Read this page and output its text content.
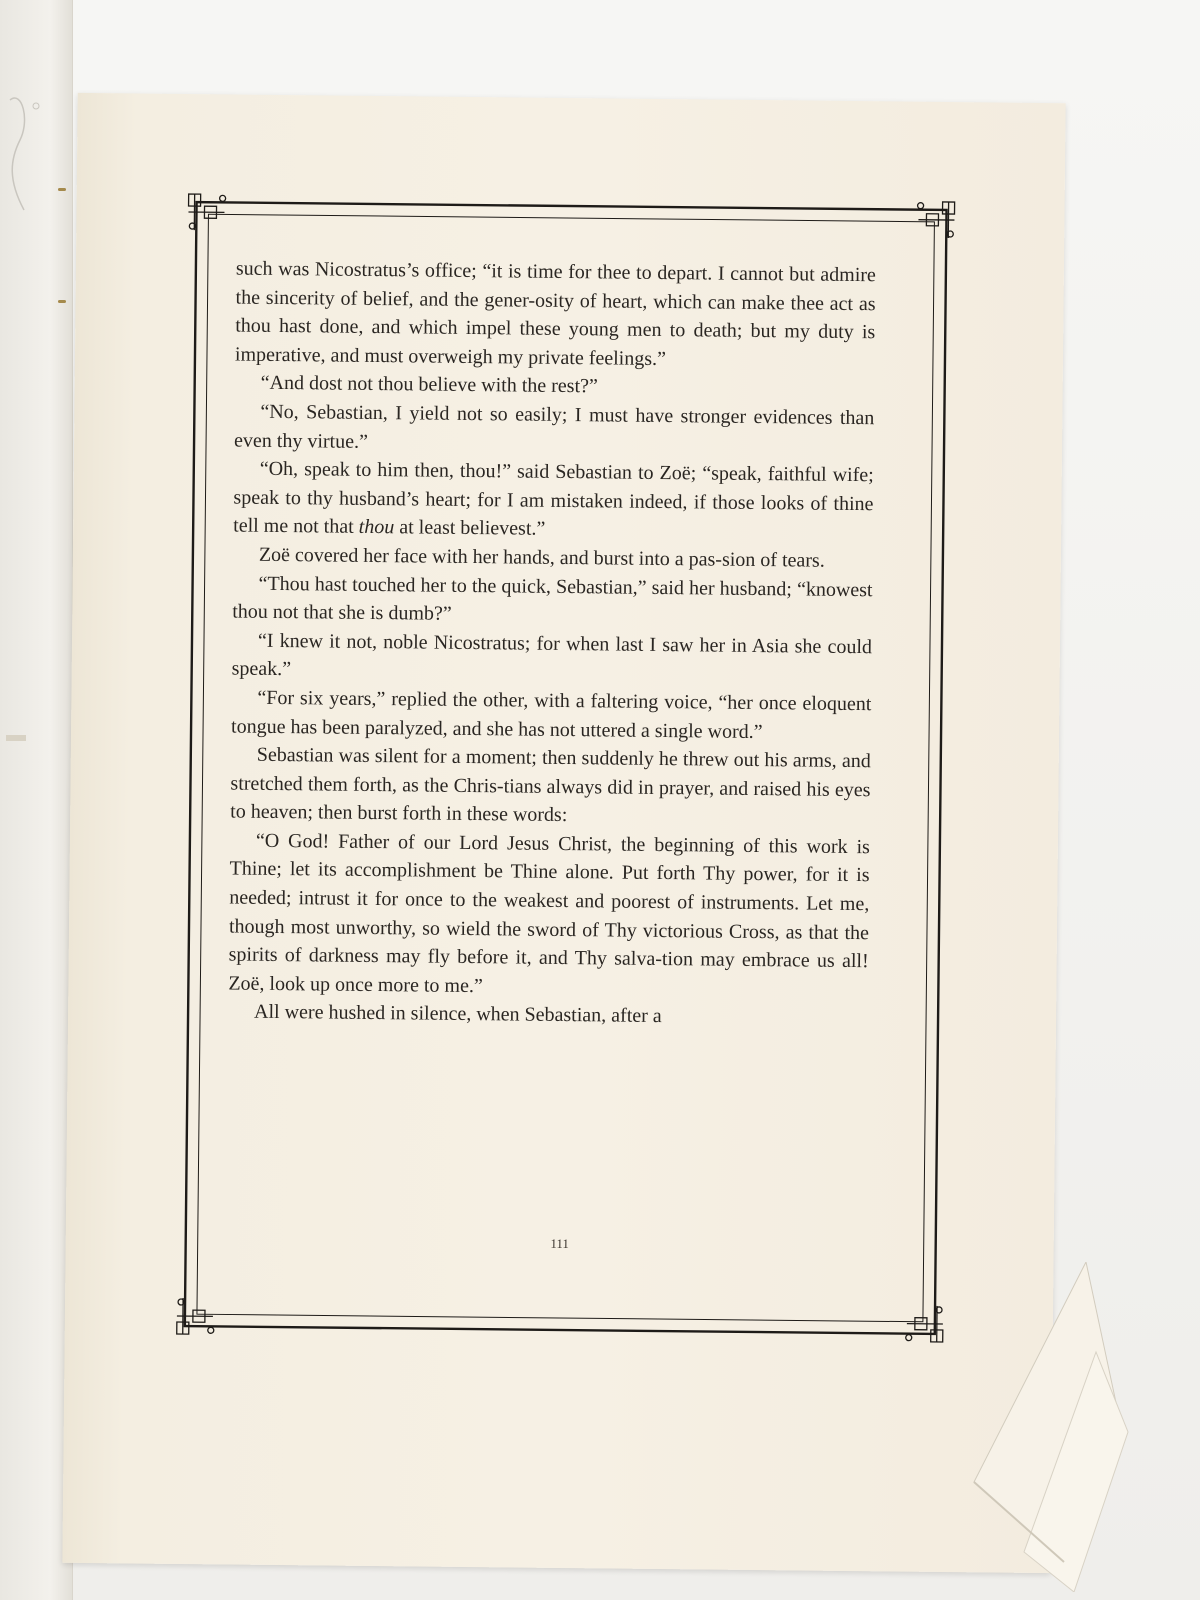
such was Nicostratus’s office; “it is time for thee to depart. I cannot but admire the sincerity of belief, and the gener-osity of heart, which can make thee act as thou hast done, and which impel these young men to death; but my duty is imperative, and must overweigh my private feelings.”

“And dost not thou believe with the rest?”

“No, Sebastian, I yield not so easily; I must have stronger evidences than even thy virtue.”

“Oh, speak to him then, thou!” said Sebastian to Zoë; “speak, faithful wife; speak to thy husband’s heart; for I am mistaken indeed, if those looks of thine tell me not that thou at least believest.”

Zoë covered her face with her hands, and burst into a pas-sion of tears.

“Thou hast touched her to the quick, Sebastian,” said her husband; “knowest thou not that she is dumb?”

“I knew it not, noble Nicostratus; for when last I saw her in Asia she could speak.”

“For six years,” replied the other, with a faltering voice, “her once eloquent tongue has been paralyzed, and she has not uttered a single word.”

Sebastian was silent for a moment; then suddenly he threw out his arms, and stretched them forth, as the Chris-tians always did in prayer, and raised his eyes to heaven; then burst forth in these words:

“O God! Father of our Lord Jesus Christ, the beginning of this work is Thine; let its accomplishment be Thine alone. Put forth Thy power, for it is needed; intrust it for once to the weakest and poorest of instruments. Let me, though most unworthy, so wield the sword of Thy victorious Cross, as that the spirits of darkness may fly before it, and Thy salva-tion may embrace us all! Zoë, look up once more to me.”

All were hushed in silence, when Sebastian, after a

111
